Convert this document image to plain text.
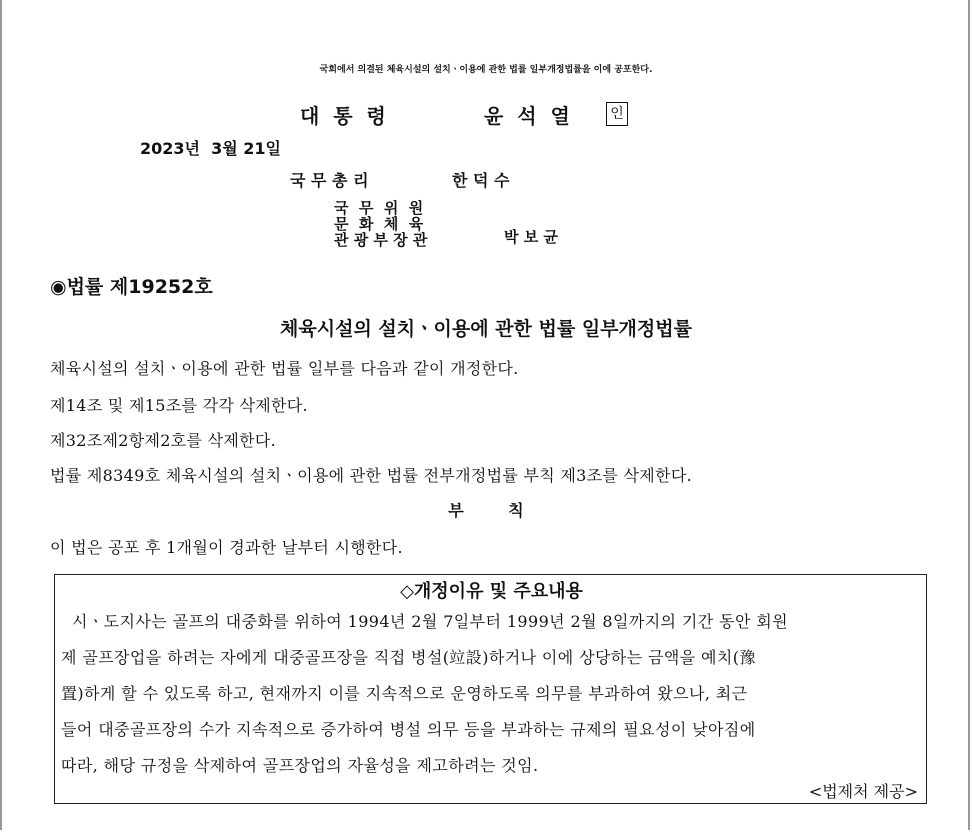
국회에서 의결된 체육시설의 설치ㆍ이용에 관한 법률 일부개정법률을 이에 공포한다.
대  통  령	윤  석  열	인
2023년  3월 21일
국 무 총 리	한 덕 수
국  무  위  원
문  화  체  육
관 광 부 장 관	박 보 균
◉법률 제19252호
체육시설의 설치ㆍ이용에 관한 법률 일부개정법률
체육시설의 설치ㆍ이용에 관한 법률 일부를 다음과 같이 개정한다.
제14조 및 제15조를 각각 삭제한다.
제32조제2항제2호를 삭제한다.
법률 제8349호 체육시설의 설치ㆍ이용에 관한 법률 전부개정법률 부칙 제3조를 삭제한다.
부        칙
이 법은 공포 후 1개월이 경과한 날부터 시행한다.
◇개정이유 및 주요내용
시ㆍ도지사는 골프의 대중화를 위하여 1994년 2월 7일부터 1999년 2월 8일까지의 기간 동안 회원
제 골프장업을 하려는 자에게 대중골프장을 직접 병설(竝設)하거나 이에 상당하는 금액을 예치(豫
置)하게 할 수 있도록 하고, 현재까지 이를 지속적으로 운영하도록 의무를 부과하여 왔으나, 최근
들어 대중골프장의 수가 지속적으로 증가하여 병설 의무 등을 부과하는 규제의 필요성이 낮아짐에
따라, 해당 규정을 삭제하여 골프장업의 자율성을 제고하려는 것임.
<법제처 제공>
